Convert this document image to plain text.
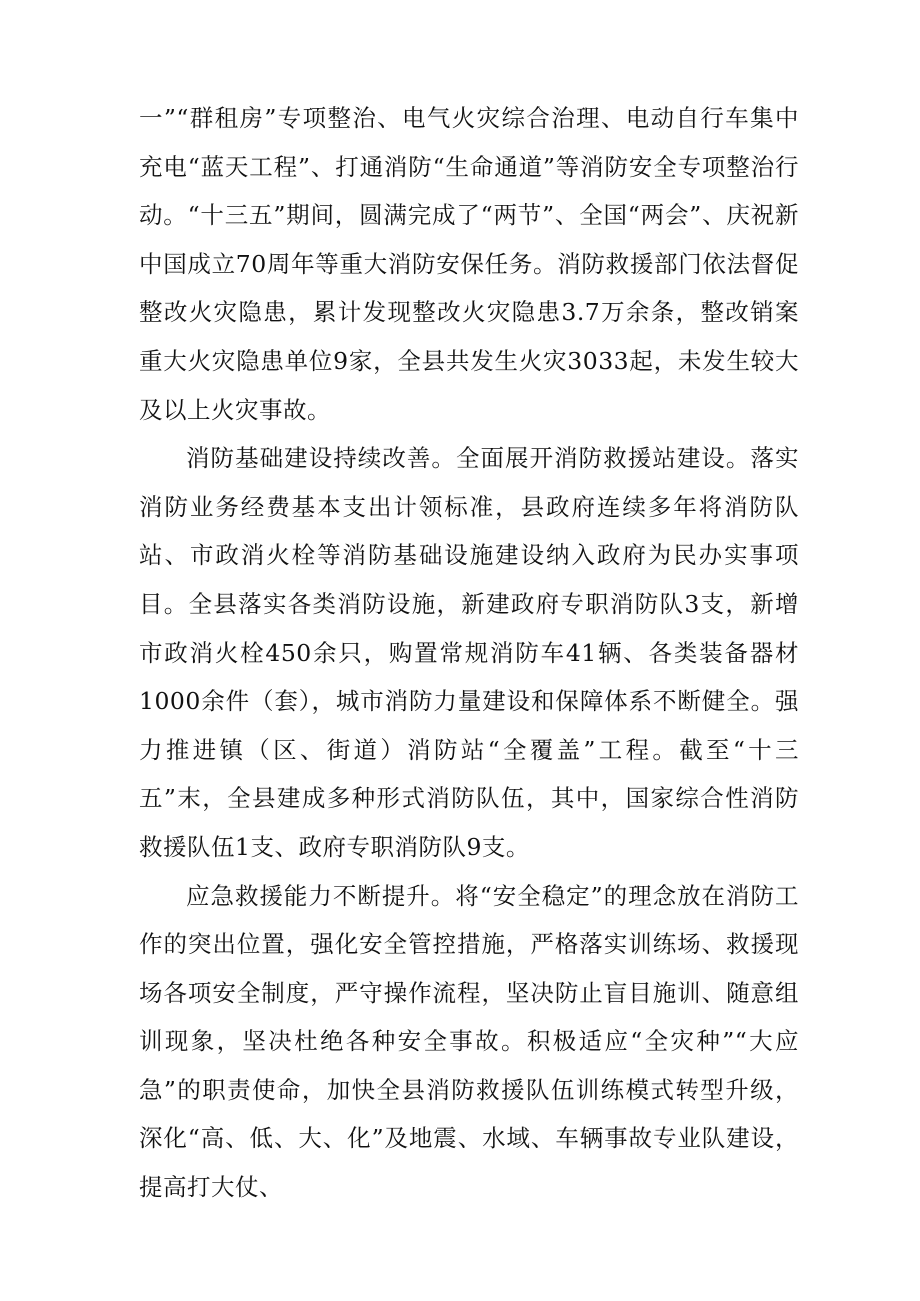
一”“群租房”专项整治、电气火灾综合治理、电动自行车集中充电“蓝天工程”、打通消防“生命通道”等消防安全专项整治行动。“十三五”期间，圆满完成了“两节”、全国“两会”、庆祝新中国成立70周年等重大消防安保任务。消防救援部门依法督促整改火灾隐患，累计发现整改火灾隐患3.7万余条，整改销案重大火灾隐患单位9家，全县共发生火灾3033起，未发生较大及以上火灾事故。

消防基础建设持续改善。全面展开消防救援站建设。落实消防业务经费基本支出计领标准，县政府连续多年将消防队站、市政消火栓等消防基础设施建设纳入政府为民办实事项目。全县落实各类消防设施，新建政府专职消防队3支，新增市政消火栓450余只，购置常规消防车41辆、各类装备器材1000余件（套），城市消防力量建设和保障体系不断健全。强力推进镇（区、街道）消防站“全覆盖”工程。截至“十三五”末，全县建成多种形式消防队伍，其中，国家综合性消防救援队伍1支、政府专职消防队9支。

应急救援能力不断提升。将“安全稳定”的理念放在消防工作的突出位置，强化安全管控措施，严格落实训练场、救援现场各项安全制度，严守操作流程，坚决防止盲目施训、随意组训现象，坚决杜绝各种安全事故。积极适应“全灾种”“大应急”的职责使命，加快全县消防救援队伍训练模式转型升级，深化“高、低、大、化”及地震、水域、车辆事故专业队建设，提高打大仗、
